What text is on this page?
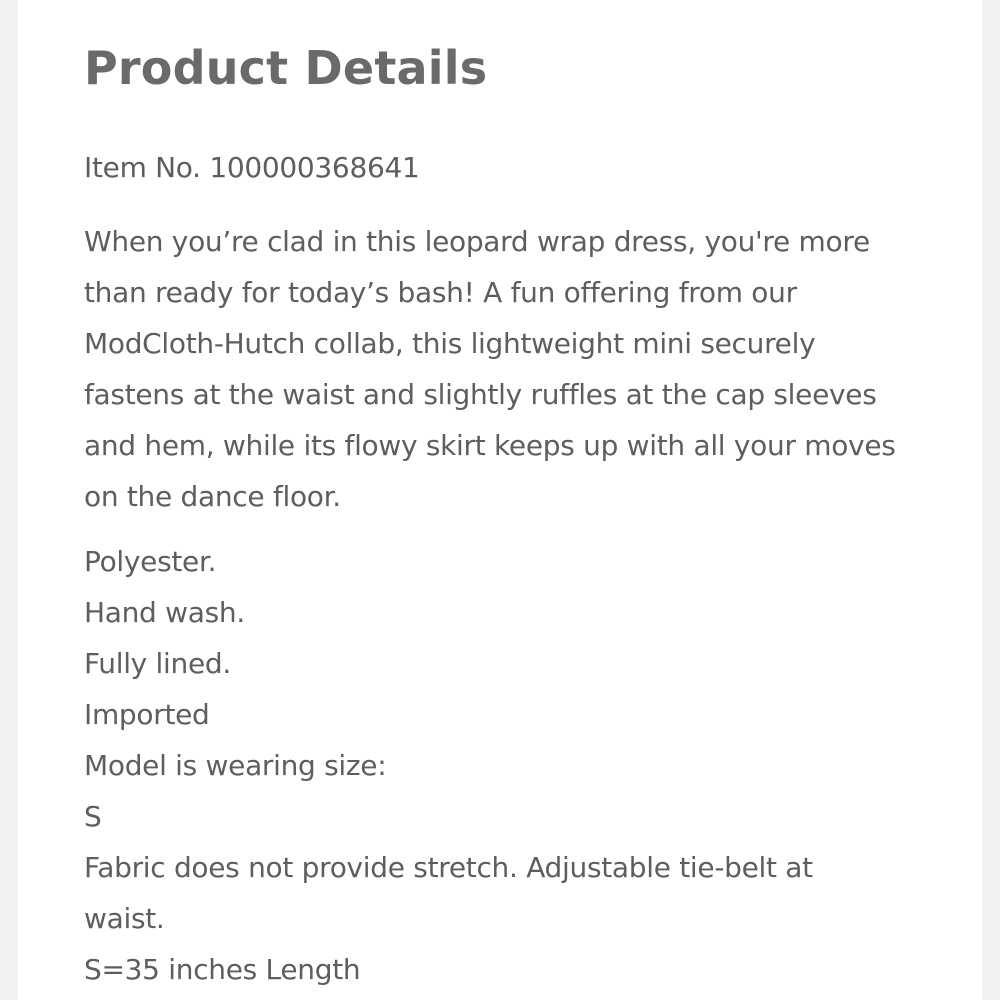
Product Details
Item No. 100000368641
When you’re clad in this leopard wrap dress, you're more
than ready for today’s bash! A fun offering from our
ModCloth-Hutch collab, this lightweight mini securely
fastens at the waist and slightly ruffles at the cap sleeves
and hem, while its flowy skirt keeps up with all your moves
on the dance floor.
Polyester.
Hand wash.
Fully lined.
Imported
Model is wearing size:
S
Fabric does not provide stretch. Adjustable tie-belt at
waist.
S=35 inches Length
